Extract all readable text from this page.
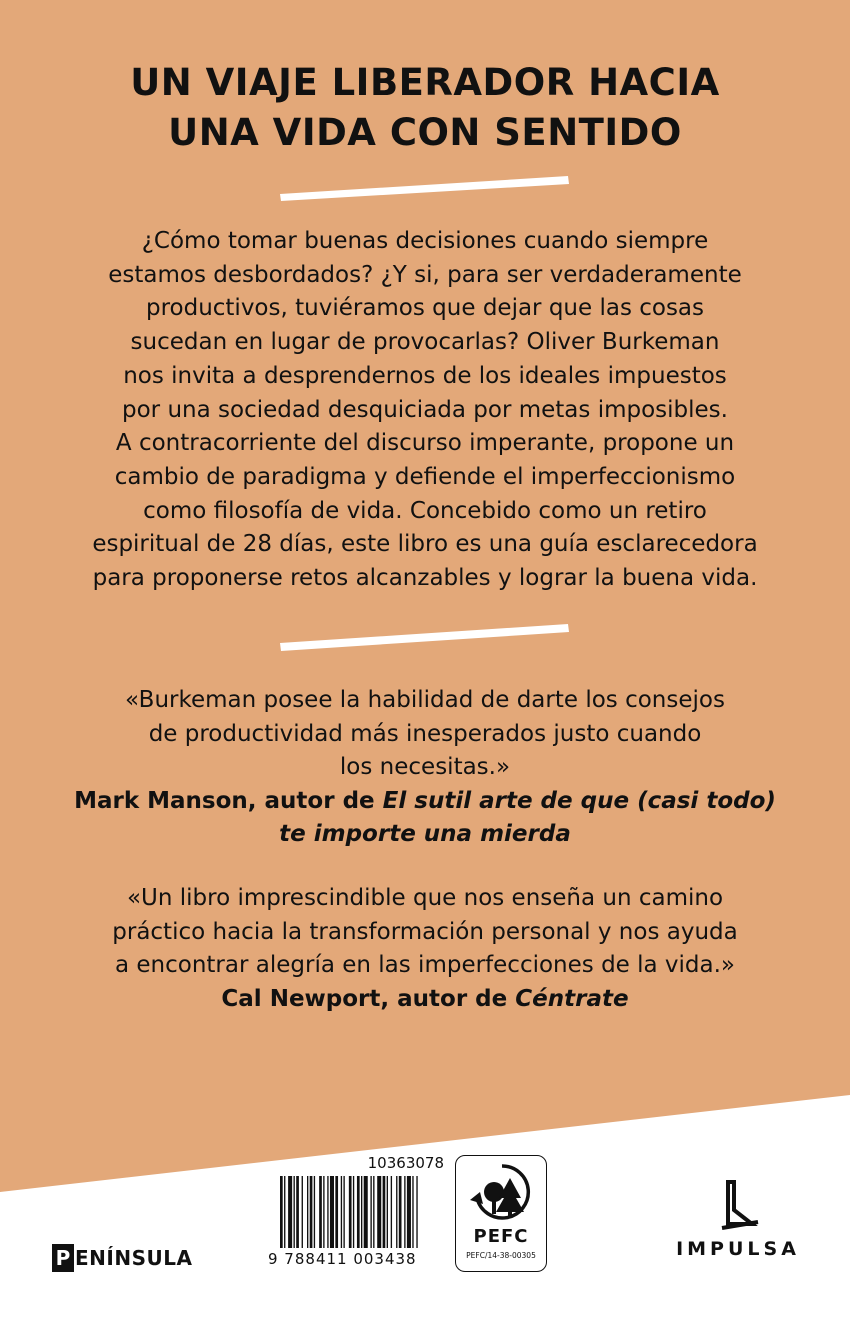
UN VIAJE LIBERADOR HACIA
UNA VIDA CON SENTIDO
¿Cómo tomar buenas decisiones cuando siempre
estamos desbordados? ¿Y si, para ser verdaderamente
productivos, tuviéramos que dejar que las cosas
sucedan en lugar de provocarlas? Oliver Burkeman
nos invita a desprendernos de los ideales impuestos
por una sociedad desquiciada por metas imposibles.
A contracorriente del discurso imperante, propone un
cambio de paradigma y defiende el imperfeccionismo
como filosofía de vida. Concebido como un retiro
espiritual de 28 días, este libro es una guía esclarecedora
para proponerse retos alcanzables y lograr la buena vida.
«Burkeman posee la habilidad de darte los consejos
de productividad más inesperados justo cuando
los necesitas.»
Mark Manson, autor de El sutil arte de que (casi todo)
te importe una mierda
«Un libro imprescindible que nos enseña un camino
práctico hacia la transformación personal y nos ayuda
a encontrar alegría en las imperfecciones de la vida.»
Cal Newport, autor de Céntrate
P ENÍNSULA
10363078
9 788411 003438
PEFC
PEFC/14-38-00305	IMPULSA
